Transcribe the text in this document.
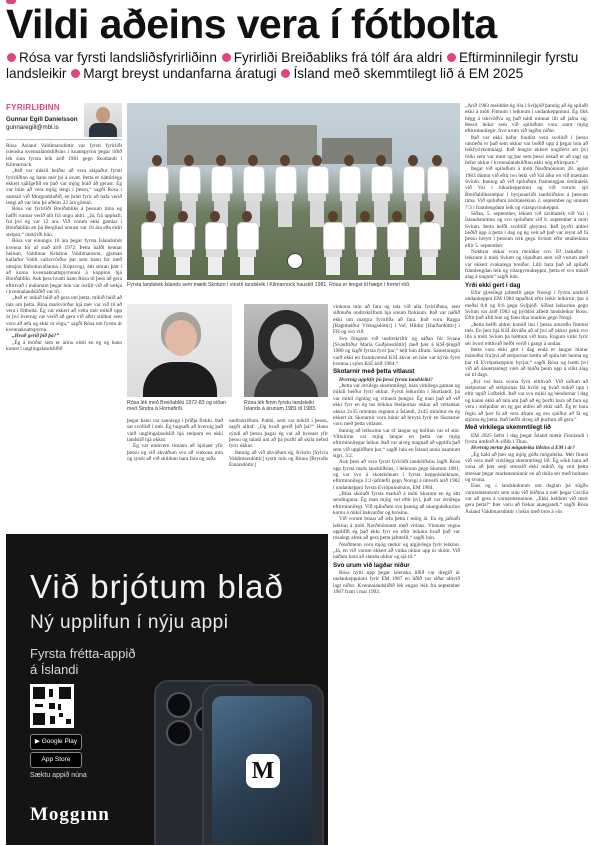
Vildi aðeins vera í fótbolta
Rósa var fyrsti landsliðsfyrirliðinn Fyrirliði Breiðabliks frá tólf ára aldri Eftirminnilegir fyrstu landsleikir Margt breyst undanfarna áratugi Ísland með skemmtilegt lið á EM 2025
FYRIRLIÐINN
Gunnar Egill Daníelsson
gunnaregill@mbl.is

Rósa Ásland Valdimarsdóttir var fyrsti fyrirliði íslenska kvennalandsliðsins í knattspyrnu þegar liðið lék sinn fyrsta leik árið 1981 gegn Skotlandi í Kilmarnock.

„Það var mikill heiður að vera skipaður fyrsti fyrirliðinn og hann mér þó á óvart. Þetta er náttúrlega ekkert sjálfgefið en það var mjög búið að gerast. Ég var búin að vera mjög lengi í þessu,“ sagði Rósa í samtali við Morgunblaðið, en þrátt fyrir að hafa verið lengi að var hún þá aðeins 22 ára gömul.

Rósa var fyrirliði Breiðabliks á þessum tíma og hafði runnar verið allt frá ungu aldri. „Já, frá upphafi, frá því ég var 12 ára. Við vorum ekki gamlar í Breiðabliki en þá Berglind unnust var 16 ára eða eldri stelpur,“ útskýrði hún.

Rósa var einungis 16 ára þegar fyrsta Íslandsmót kvenna fór af stað árið 1972. Þetta hafði hennar helium, Valdimar Kristinn Valdimarsson, gjarnan kallaður Valdi vallarvörður þar sem hann fór með umsjón fótboltavallanna í Kópavogi, átti stóran þátt í að koma kvennaknattspyrnunni á koppinn hjá Breiðabliki. Auk þess hvatti hann Rósu til þess að gera eftirtvað í málunum þegar hún var óstíllt við að sækja í kvennalandsliðið var til.

„Það er mikið búið að gera um þetta, mikið búið að tala um þetta. Bína markvörður hjá mér var við til að vera í fótbolta. Ég var ekkert að velta mér mikið upp úr því hvernig var verið að gera við aðrir stúlkur sem voru að æfa og ekki úr sögu,“ sagði Rósa um fyrstu ár kvennaknattspyrnu.

„Hvað gerið þið þá?“

„Ég á bróður sem er árinu eldri en ég og hann komst í unglingalandsliðið

Fyrsta landsleik Íslands sem mætti Skotum í vinstri landsleik í Kilmarnock haustið 1981. Rósa er lengst til hægri í fremri röð.
Rósa lék með Breiðabliki 1972-83 og síðan með Sindra á Hornafirði.
Rósa lék fimm fyrstu landsleiki Íslands á árunum 1981 til 1983.

þegar hann var sannlega í þriðja flokki. Það sat svolítið í mér. Ég hugsaði að hvernig það varð unglingalandslið hjá stelpum en ekki landslið hjá okkur.

Ég var einhvern tímann að hjónast yfir þessu og við ákváðum svo að vinkona mín og systir að við skildum bara fara og suða

undirskriftum. Pabbi, sem var mikill í þessu, sagði alltaf: „Og hvað gerið þið þá?“ Hann sýndi að þessu þagar ég var að byssast yfir þessu og taladi um að þá þurfti að skila nefnd fyrir okkur.

Þannig að við ákváðum ég, Kristín [Sylvía Valdimarsdóttir] systir mín og Binna [Bryndís Einarsdóttir]

vinkona mín að fara og tala við alla fyrirliðana, sem síðmuðu undirskriftum hjá sínum flokkum. Það var náðið ekki um margra fyrirliða að fara. Það voru Ragga [Ragnheiður Víkingsdóttir] í Val, Hildur [Harðardóttir] í FH og svo við.

Svo fóngum við undirskriftir og sáðan fór Svana [Svanfríður María Guðjónsdóttir] með þær á KSÍ-þingið 1980 og lagði fyrsta fyrir þar,“ hélt hún áfram. Sameiningin varð ekki en framkvæmd KSÍ ákvar en hún var kýrin fyrst kvenna í sjórn KSÍ árið 1984.“

Skotarnir með þetta vitlaust

Hvernig upplifir þú þessi fyrstu landsleiki?

„Þetta var ótrúlegs skemmtilegt, bara virkilega gaman og mikill heiður fyrir okkur. Fyrsti leikurinn í Skotlandi, þá var mikil rigning og vitlaust þungur. Ég man það að við ekki fyrr en ég las bókina Stelpurnar okkar að veltankar okkur 2x35 mínútna regnum á Íslandi, 2x45 mínútur en ég ekkert út. Skotarnir voru búnir að breyta fyrir en Skotarnir voru með þetta vitlaust.

Þannig að leikurinn var of langur og bollinn var of stór. Viltulrinn var mjög langur en þetta var mjög eftirminnilegur leikur. Það var alveg magnað að upplifa það sem við upplifðum þar,“ sagði hún en Ísland unnu naumum sigri, 3:2.

Auk þess að vera fyrsti fyrirliði landsliðsins lagði Rósa upp fyrsta mark landsliðsins, í leiknum gegn Skotum 1981, og var svo á skotskónum í fyrsta keppnisleiknum, eftirminnilegu 2:2-jafntefli gegn Norsgi á útivelli árið 1982 í undankeppni fyrsta Evrópumótsins, EM 1984.

„Bína skoraði fyrsta markið á móti Skotum en ég átti sendinguna. Ég man mjög vel eftir því, það var ótrúlega eftirminnilegt. Við spiluðum svo þannig að sáungubókurinn komu á mikil bakvarðar og hrósinu.

Við vorum búnar að æfa þetta í mörg ár. En ég jafnaði leikinn á móti Norðmönnum með vitlaus. Vinnum vegna upplifði ég það ekki fyrr en eftir leikinn hvað það var rosalegt afrek að gera þetta jafntefli,“ sagði hún.

Norðmenn voru mjög sterkir og algjörlega fyrir leikinn. „Já, en við vorum ekkert að vinka okkur upp úr skóm. Við náðum bara að standa okkur og sjá til.“

Svo urum við lagðar niður

Rósa nýtti upp þegar íslenska liðið var dregið úr undankeppninni fyrir EM 1987 en liðið var síðar alltvið lagt niður. Kvennalandsliðið lék engan leik frá september 1987 fram í maí 1992.

„Árið 1983 meiddist ég illa í Svíþjóð þannig að ég spilaði ekki á móti Finnum í leiknum í undankeppninni. Ég líkk bégg á ískrvöðva og það taldi minnar illt að jafna sig. Þessir leikir sem við spiluðum voru samt mjög eftirminnilegir. Svo urum við lagðar niður.

Það var ekki hafur fundist vera svolítið í þessu umræðu er það sem okkur var boðið upp á þegar hún að leikfyrirkomulagi. Það fengist ekkert ungiferir sér því fólki sem var mest og þar sem þessi óskað er að sagt og hefur okkur í kvennalandsliðinu ekki nóg eftirspurn.“

Þegar við spiluðum á móti Norðmönnum 28. ágúst 1983 dúmm við eftir tvo leiki við Val áður en við mættum Svíum. Þannig að við spiluðum frameingjan úrslitaleik við Val í bikarkeppninni og við vorum sjó Breiðabliksstelpur í byrjunarliði landsliðsins á þessum tíma. Við spiluðum úrslitaleikinn 2. september og unnum 7:3 í framlengdum leik og vítaspyrnukeppni.

Síðan, 5. september, lékum við úrslitaleik við Val í Íslandsmótinu og svo spiluðum við 8. september á móti Svíum. Þetta hefði svolítið gleymst. Það þyrfti aldrei boðið upp á þetta í dag og ég veit að það var reynt að fá þessu breytt í þessum leik gegn Svíum eftir smáleikinn eftir 5. september.

Nokkrar okkar voru meiddar svo. Ef laskaðar í leiknum á móti Svíum og töpuðum sem við vorum með var ekkert svakalega breiður. Lítil bara það að spilaði framlengdan leik og vítaspyrnukeppni, þetta er svo mikið álag á ungum“ sagði hún.

Yrði ekki gert í dag

Eftir glæsilegt jafntefli gegn Noregi í fyrsta umferð undankeppni EM 1984 tapaðisk eftir leikir leikirnir, þar á meðal 0:8 og 0:6 gegn Svíþjóð. Síðast leikurinn gegn Svíum var árið 1983 og þýddist afleitt landsleikur Rósu. Eftir það afdi hún og fann lína markús gegn Norgi.

„Þetta hefði aldrei komið inn í þessa umræðu fimmst mér. En þeir hjá KSÍ ákváðu að af því að okkur gekk svo illa á móti Svíum þá hættum við bara. Engum virkt fyrir sér hvort eitthvað hefði verið í gangi á undan.

Þetta voru ekki gert í dag enda er langur hlutur mánuður frá því að stelpurnar hættu að spila hér heima og þar til Evrópukeppnin byrjar,“ sagði Rósa og bætti því við að óásættanlegt væri að bjóða þeim upp á slíkt álag nú til dags.

„Því var bara svona fyrir eitthvað. Við urðum að stelpurnar að stelpurnar fái hvíld og hvað mikið upp í eftir tapið í ofbeldi. Það var svo mikil og hendurnar í dag og kanni ekki að tala um það að ég þurfti bara að fara og vera í stelpubur en ég gat aldrei að ekki náð. Ég er bara fegin að þær fá að vera áfram og eru sjáiður að fá og stjórna ég þetta. Það hefði alveg að þurfum að gera.“

Með virkilega skemmtilegt lið

EM 2025 hefst í dag þegar Ísland mætir Finnlandi í fyrstu umferð A-riðils í Thun.

Hvernig metur þú möguleika liðsins á EM í ár?

„Ég hald að þær sig mjög góða möguleika. Mér finnst við vera með virkilega skemmtilegt lið. Ég sökk bara að vona að þær setji stressið ekki mikið, ég veit þetta stressar þegar markmenninnir en að dulla sér með boltann og svona.

Eins og í landsleiknum um daginn þá sögðu varnarmennirnir sem stáu við hliðina á mér þegar Cecilía var að gera á varnarmenninne. „Ekki heldum við meir gera þetta!“ Þær voru að frekar ánægjandi,“ sagði Rósa Ásland Valdimarsdóttir í lokin með bros á vör.

Við brjótum blað
Ný upplifun í nýju appi
Fyrsta frétta-appið
á Íslandi
▶ Google Play
App Store
Sæktu appið núna
Moggınn
M
